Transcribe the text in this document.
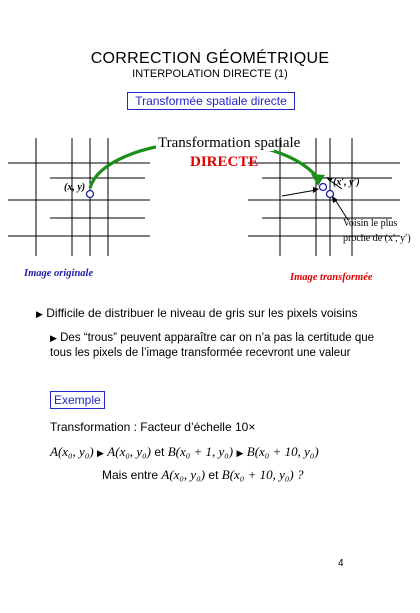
CORRECTION GÉOMÉTRIQUE
INTERPOLATION DIRECTE (1)
Transformée spatiale directe
Transformation spatiale
DIRECTE
(x, y)	(x′, y′)
Voisin le plus
proche de (x′, y′)
Image originale	Image transformée
▶ Difficile de distribuer le niveau de gris sur les pixels voisins
▶ Des “trous” peuvent apparaître car on n’a pas la certitude que tous les pixels de l’image transformée recevront une valeur
Exemple
Transformation : Facteur d’échelle 10×
A(x₀, y₀) ▶ A(x₀, y₀) et B(x₀ + 1, y₀) ▶ B(x₀ + 10, y₀)
Mais entre A(x₀, y₀) et B(x₀ + 10, y₀) ?
4
